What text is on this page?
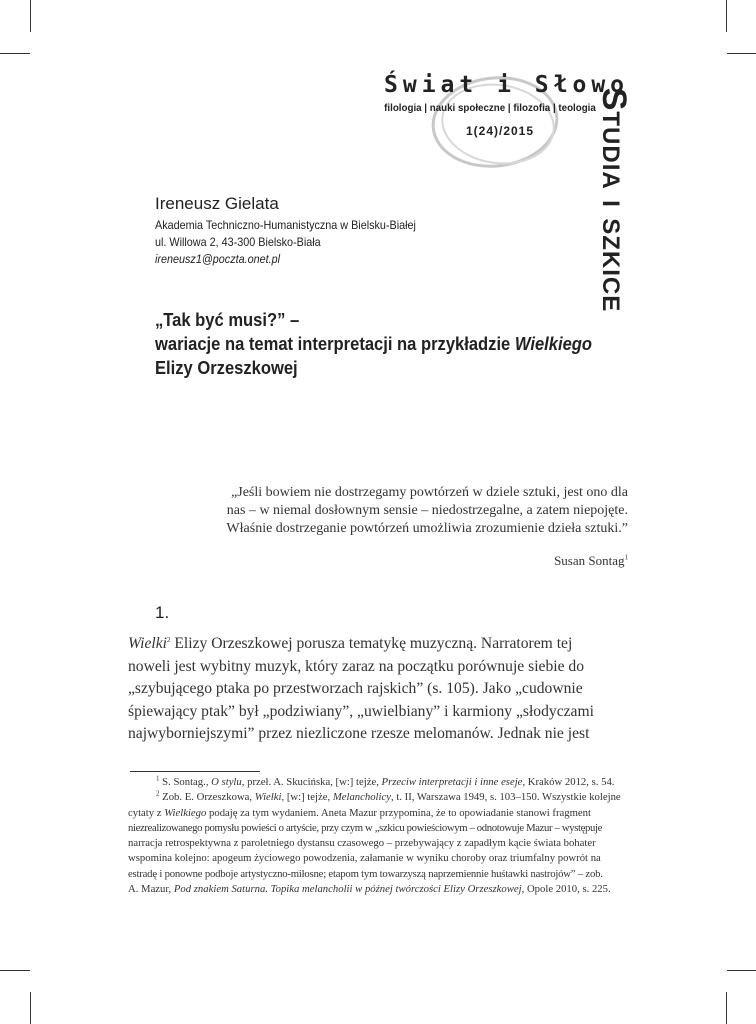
Świat i Słowo
filologia | nauki społeczne | filozofia | teologia
1(24)/2015	Studia i szkice
Ireneusz Gielata
Akademia Techniczno-Humanistyczna w Bielsku-Białej
ul. Willowa 2, 43-300 Bielsko-Biała
ireneusz1@poczta.onet.pl

„Tak być musi?” –

wariacje na temat interpretacji na przykładzie Wielkiego

Elizy Orzeszkowej

„Jeśli bowiem nie dostrzegamy powtórzeń w dziele sztuki, jest ono dla

nas – w niemal dosłownym sensie – niedostrzegalne, a zatem niepojęte.

Właśnie dostrzeganie powtórzeń umożliwia zrozumienie dzieła sztuki.”

Susan Sontag$^1$
1.

Wielki$^2$ Elizy Orzeszkowej porusza tematykę muzyczną. Narratorem tej

noweli jest wybitny muzyk, który zaraz na początku porównuje siebie do

„szybującego ptaka po przestworzach rajskich” (s. 105). Jako „cudownie

śpiewający ptak” był „podziwiany”, „uwielbiany” i karmiony „słodyczami

najwyborniejszymi” przez niezliczone rzesze melomanów. Jednak nie jest

$^1$ S. Sontag., O stylu, przeł. A. Skucińska, [w:] tejże, Przeciw interpretacji i inne eseje, Kraków 2012, s. 54.

$^2$ Zob. E. Orzeszkowa, Wielki, [w:] tejże, Melancholicy, t. II, Warszawa 1949, s. 103–150. Wszystkie kolejne

cytaty z Wielkiego podaję za tym wydaniem. Aneta Mazur przypomina, że to opowiadanie stanowi fragment

niezrealizowanego pomysłu powieści o artyście, przy czym w „szkicu powieściowym – odnotowuje Mazur – występuje

narracja retrospektywna z paroletniego dystansu czasowego – przebywający z zapadłym kącie świata bohater

wspomina kolejno: apogeum życiowego powodzenia, załamanie w wyniku choroby oraz triumfalny powrót na

estradę i ponowne podboje artystyczno-miłosne; etapom tym towarzyszą naprzemiennie huśtawki nastrojów” – zob.

A. Mazur, Pod znakiem Saturna. Topika melancholii w późnej twórczości Elizy Orzeszkowej, Opole 2010, s. 225.
